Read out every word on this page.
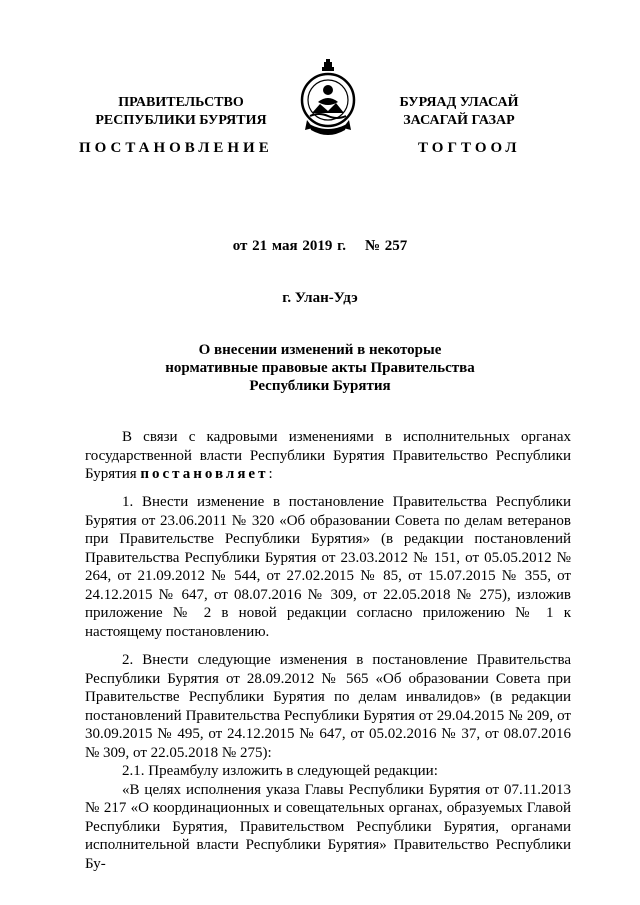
ПРАВИТЕЛЬСТВО
РЕСПУБЛИКИ БУРЯТИЯ
БУРЯАД УЛАСАЙ
ЗАСАГАЙ ГАЗАР
ПОСТАНОВЛЕНИЕ	ТОГТООЛ
от 21 мая 2019 г.    № 257
г. Улан-Удэ
О внесении изменений в некоторые
нормативные правовые акты Правительства
Республики Бурятия

В связи с кадровыми изменениями в исполнительных органах государственной власти Республики Бурятия Правительство Республики Бурятия постановляет:

1. Внести изменение в постановление Правительства Республики Бурятия от 23.06.2011 № 320 «Об образовании Совета по делам ветеранов при Правительстве Республики Бурятия» (в редакции постановлений Правительства Республики Бурятия от 23.03.2012 № 151, от 05.05.2012 № 264, от 21.09.2012 № 544, от 27.02.2015 № 85, от 15.07.2015 № 355, от 24.12.2015 № 647, от 08.07.2016 № 309, от 22.05.2018 № 275), изложив приложение № 2 в новой редакции согласно приложению № 1 к настоящему постановлению.

2. Внести следующие изменения в постановление Правительства Республики Бурятия от 28.09.2012 № 565 «Об образовании Совета при Правительстве Республики Бурятия по делам инвалидов» (в редакции постановлений Правительства Республики Бурятия от 29.04.2015 № 209, от 30.09.2015 № 495, от 24.12.2015 № 647, от 05.02.2016 № 37, от 08.07.2016 № 309, от 22.05.2018 № 275):

2.1. Преамбулу изложить в следующей редакции:

«В целях исполнения указа Главы Республики Бурятия от 07.11.2013 № 217 «О координационных и совещательных органах, образуемых Главой Республики Бурятия, Правительством Республики Бурятия, органами исполнительной власти Республики Бурятия» Правительство Республики Бу-
